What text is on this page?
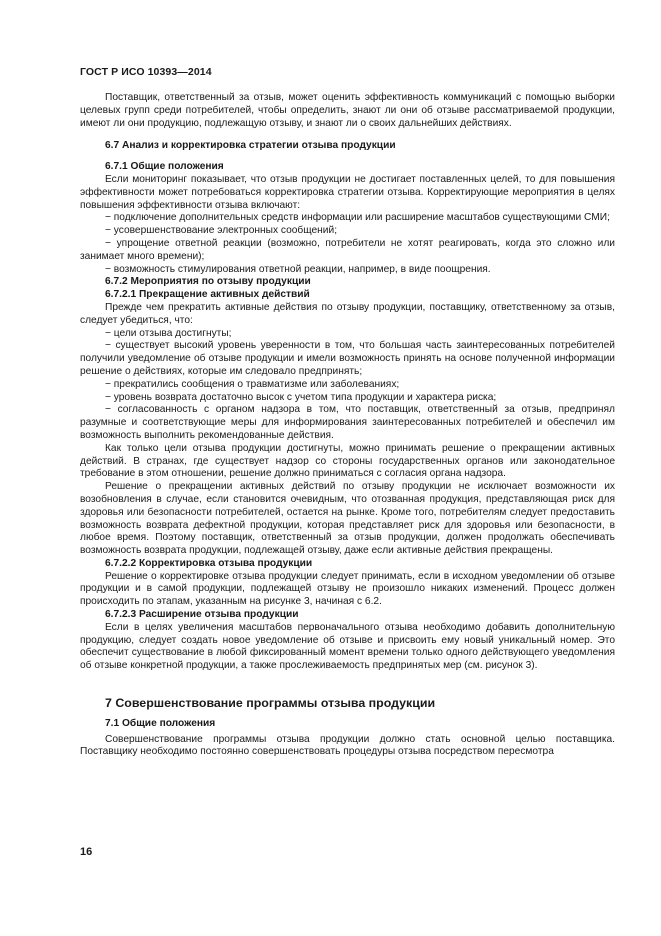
ГОСТ Р ИСО 10393—2014

Поставщик, ответственный за отзыв, может оценить эффективность коммуникаций с помощью выборки целевых групп среди потребителей, чтобы определить, знают ли они об отзыве рассматриваемой продукции, имеют ли они продукцию, подлежащую отзыву, и знают ли о своих дальнейших действиях.

6.7 Анализ и корректировка стратегии отзыва продукции
6.7.1 Общие положения

Если мониторинг показывает, что отзыв продукции не достигает поставленных целей, то для повышения эффективности может потребоваться корректировка стратегии отзыва. Корректирующие мероприятия в целях повышения эффективности отзыва включают:

− подключение дополнительных средств информации или расширение масштабов существующими СМИ;

− усовершенствование электронных сообщений;

− упрощение ответной реакции (возможно, потребители не хотят реагировать, когда это сложно или занимает много времени);

− возможность стимулирования ответной реакции, например, в виде поощрения.

6.7.2 Мероприятия по отзыву продукции
6.7.2.1 Прекращение активных действий

Прежде чем прекратить активные действия по отзыву продукции, поставщику, ответственному за отзыв, следует убедиться, что:

− цели отзыва достигнуты;

− существует высокий уровень уверенности в том, что большая часть заинтересованных потребителей получили уведомление об отзыве продукции и имели возможность принять на основе полученной информации решение о действиях, которые им следовало предпринять;

− прекратились сообщения о травматизме или заболеваниях;

− уровень возврата достаточно высок с учетом типа продукции и характера риска;

− согласованность с органом надзора в том, что поставщик, ответственный за отзыв, предпринял разумные и соответствующие меры для информирования заинтересованных потребителей и обеспечил им возможность выполнить рекомендованные действия.

Как только цели отзыва продукции достигнуты, можно принимать решение о прекращении активных действий. В странах, где существует надзор со стороны государственных органов или законодательное требование в этом отношении, решение должно приниматься с согласия органа надзора.

Решение о прекращении активных действий по отзыву продукции не исключает возможности их возобновления в случае, если становится очевидным, что отозванная продукция, представляющая риск для здоровья или безопасности потребителей, остается на рынке. Кроме того, потребителям следует предоставить возможность возврата дефектной продукции, которая представляет риск для здоровья или безопасности, в любое время. Поэтому поставщик, ответственный за отзыв продукции, должен продолжать обеспечивать возможность возврата продукции, подлежащей отзыву, даже если активные действия прекращены.

6.7.2.2 Корректировка отзыва продукции

Решение о корректировке отзыва продукции следует принимать, если в исходном уведомлении об отзыве продукции и в самой продукции, подлежащей отзыву не произошло никаких изменений. Процесс должен происходить по этапам, указанным на рисунке 3, начиная с 6.2.

6.7.2.3 Расширение отзыва продукции

Если в целях увеличения масштабов первоначального отзыва необходимо добавить дополнительную продукцию, следует создать новое уведомление об отзыве и присвоить ему новый уникальный номер. Это обеспечит существование в любой фиксированный момент времени только одного действующего уведомления об отзыве конкретной продукции, а также прослеживаемость предпринятых мер (см. рисунок 3).

7 Совершенствование программы отзыва продукции
7.1 Общие положения

Совершенствование программы отзыва продукции должно стать основной целью поставщика. Поставщику необходимо постоянно совершенствовать процедуры отзыва посредством пересмотра

16
